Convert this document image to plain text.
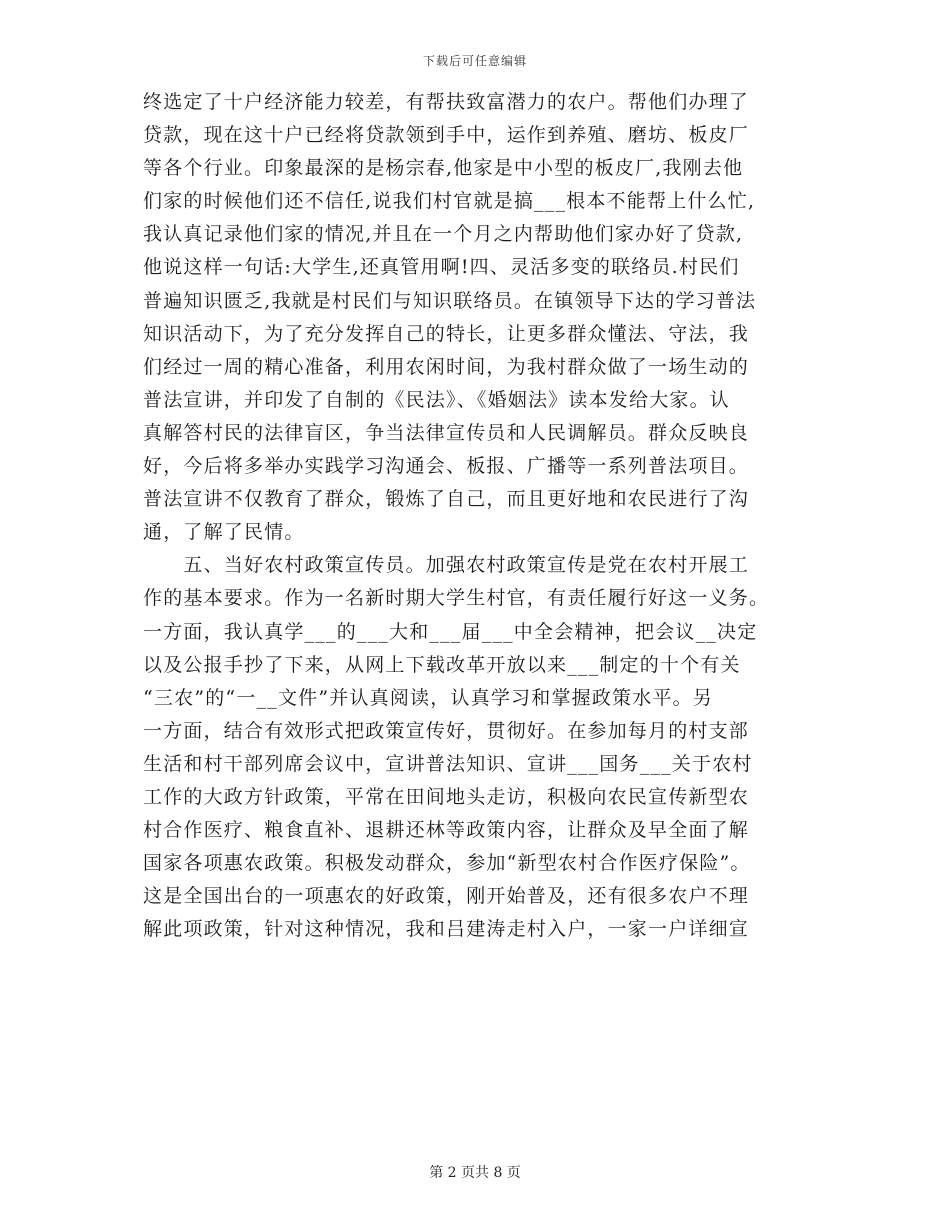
下载后可任意编辑
终选定了十户经济能力较差，有帮扶致富潜力的农户。帮他们办理了
贷款，现在这十户已经将贷款领到手中，运作到养殖、磨坊、板皮厂
等各个行业。印象最深的是杨宗春,他家是中小型的板皮厂,我刚去他
们家的时候他们还不信任,说我们村官就是搞___根本不能帮上什么忙,
我认真记录他们家的情况,并且在一个月之内帮助他们家办好了贷款,
他说这样一句话:大学生,还真管用啊!四、灵活多变的联络员.村民们
普遍知识匮乏,我就是村民们与知识联络员。在镇领导下达的学习普法
知识活动下，为了充分发挥自己的特长，让更多群众懂法、守法，我
们经过一周的精心准备，利用农闲时间，为我村群众做了一场生动的
普法宣讲，并印发了自制的《民法》、《婚姻法》读本发给大家。认
真解答村民的法律盲区，争当法律宣传员和人民调解员。群众反映良
好，今后将多举办实践学习沟通会、板报、广播等一系列普法项目。
普法宣讲不仅教育了群众，锻炼了自己，而且更好地和农民进行了沟
通，了解了民情。
　　五、当好农村政策宣传员。加强农村政策宣传是党在农村开展工
作的基本要求。作为一名新时期大学生村官，有责任履行好这一义务。
一方面，我认真学___的___大和___届___中全会精神，把会议__决定
以及公报手抄了下来，从网上下载改革开放以来___制定的十个有关
“三农”的“一__文件”并认真阅读，认真学习和掌握政策水平。另
一方面，结合有效形式把政策宣传好，贯彻好。在参加每月的村支部
生活和村干部列席会议中，宣讲普法知识、宣讲___国务___关于农村
工作的大政方针政策，平常在田间地头走访，积极向农民宣传新型农
村合作医疗、粮食直补、退耕还林等政策内容，让群众及早全面了解
国家各项惠农政策。积极发动群众，参加“新型农村合作医疗保险”。
这是全国出台的一项惠农的好政策，刚开始普及，还有很多农户不理
解此项政策，针对这种情况，我和吕建涛走村入户，一家一户详细宣
第 2 页共 8 页
